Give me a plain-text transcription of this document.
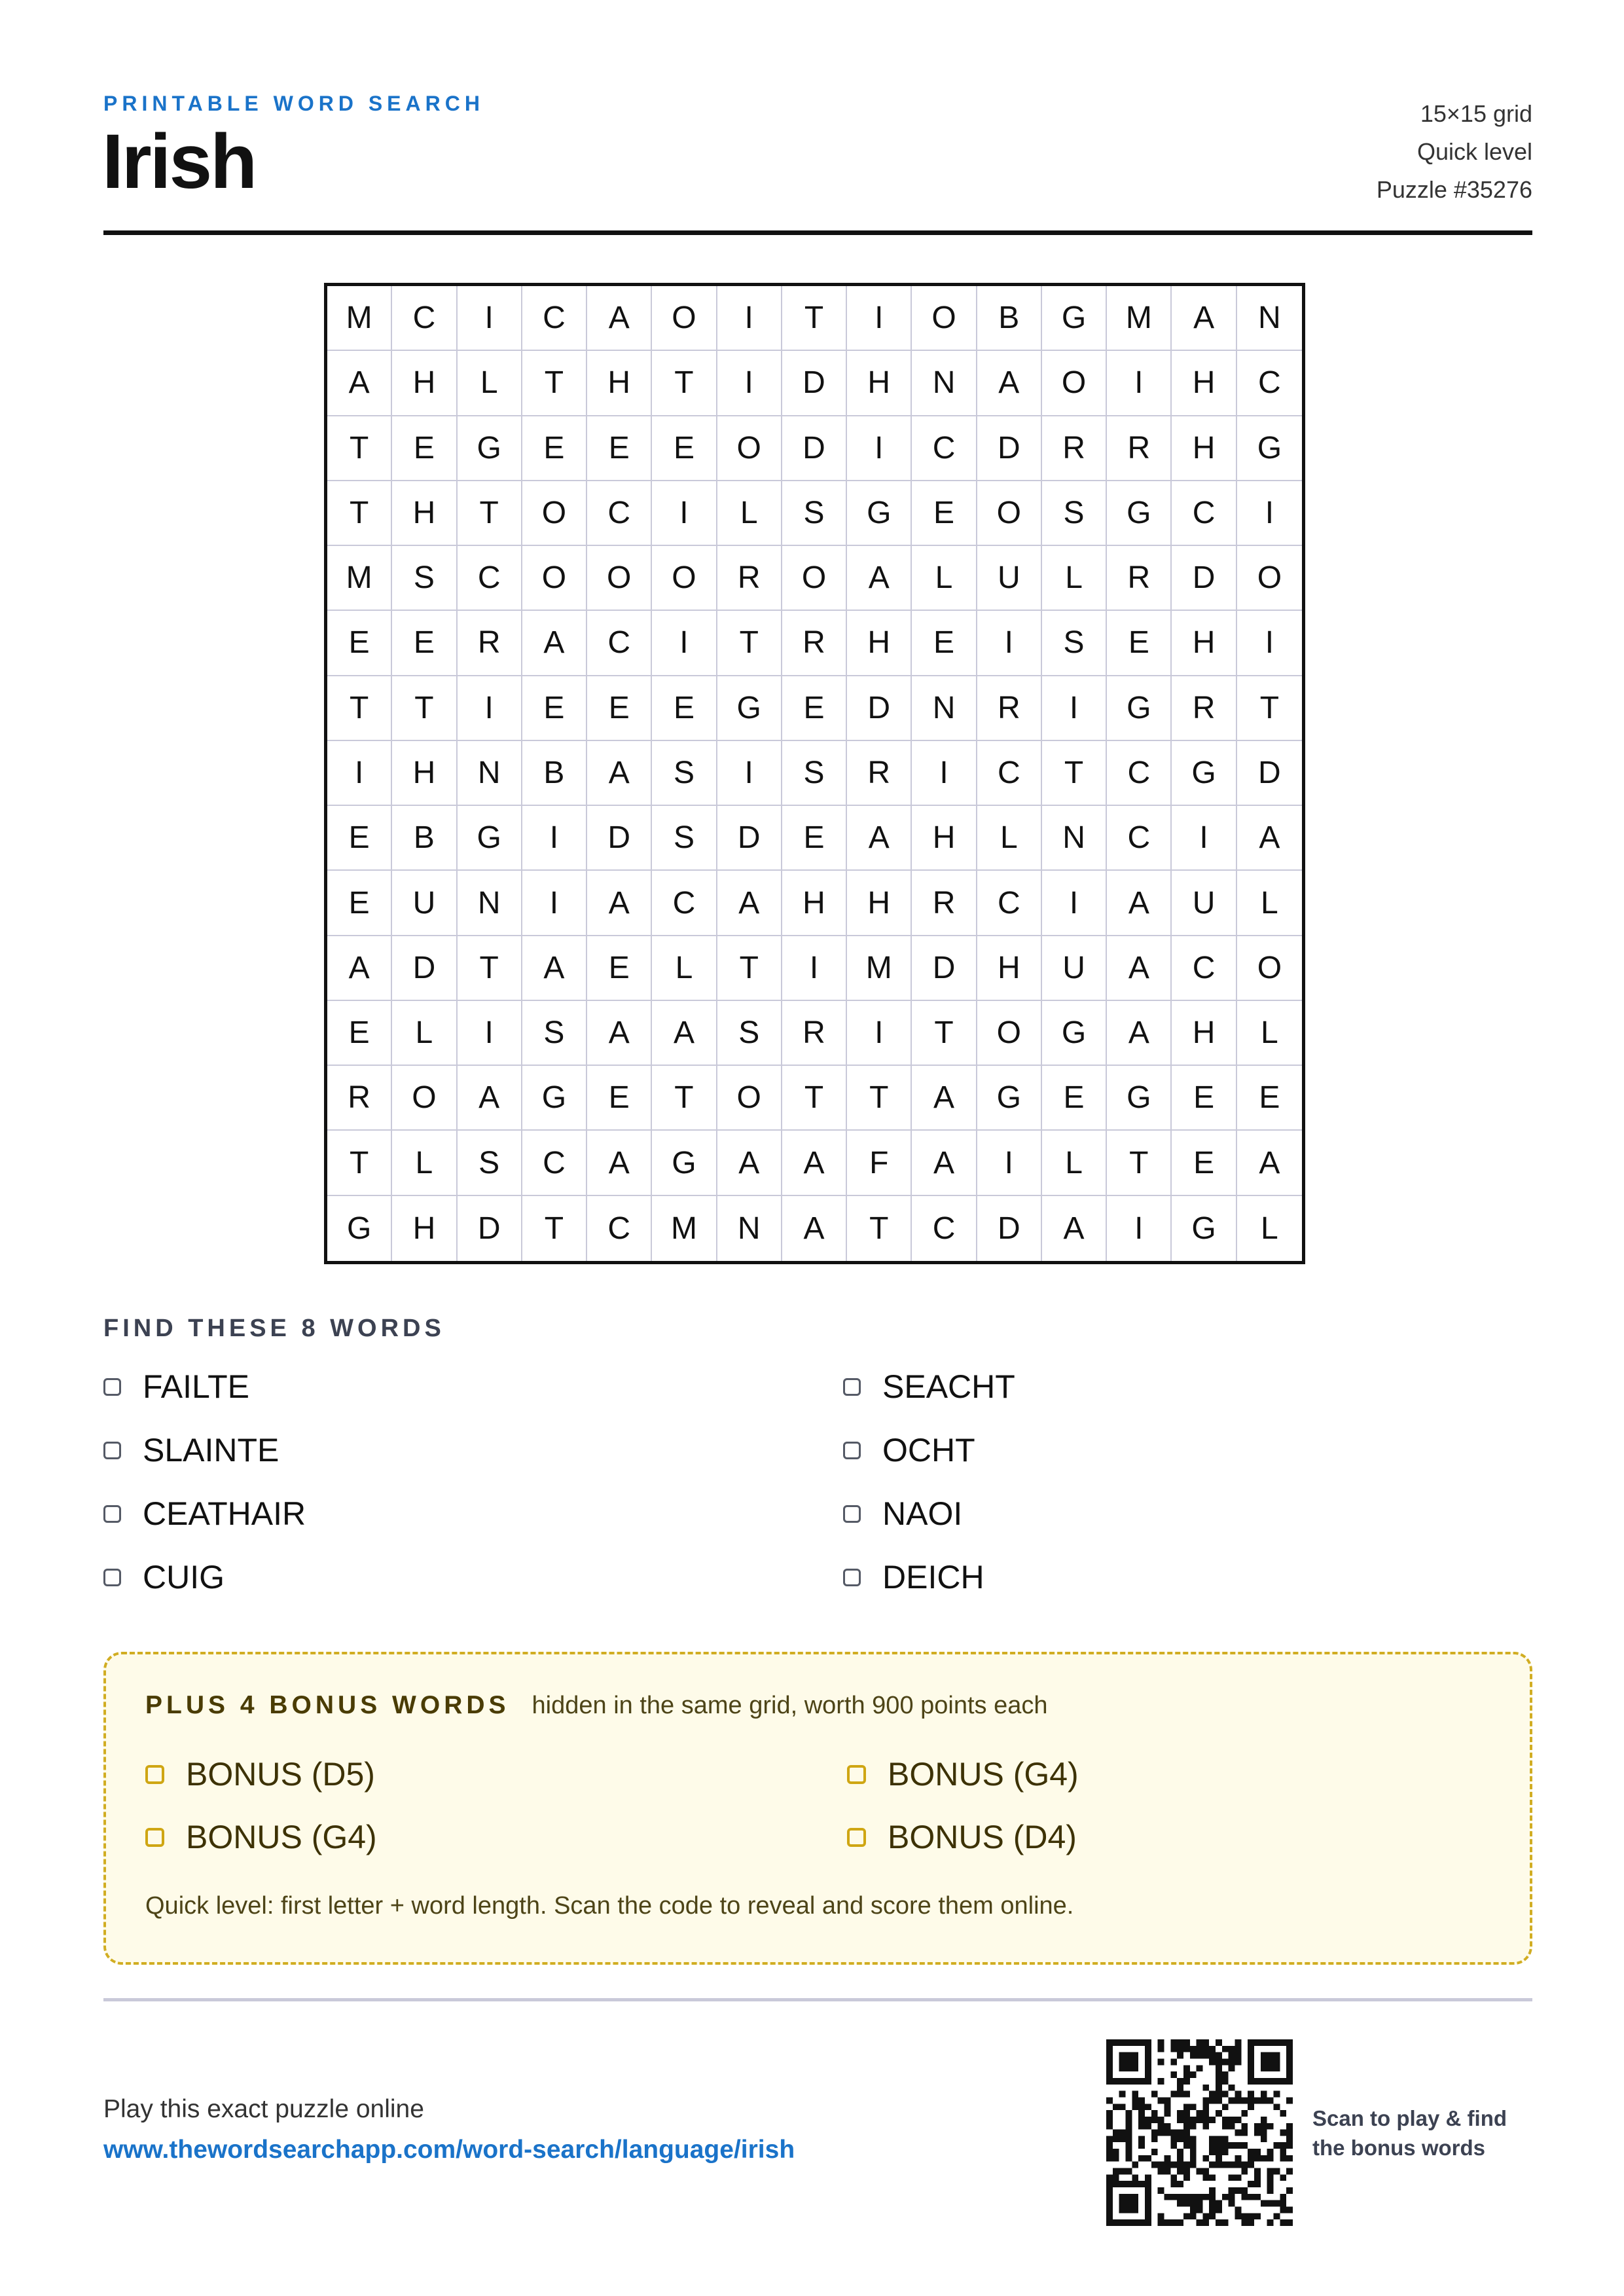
PRINTABLE WORD SEARCH
Irish
15×15 grid
Quick level
Puzzle #35276
M	C	I	C	A	O	I	T	I	O	B	G	M	A	N
A	H	L	T	H	T	I	D	H	N	A	O	I	H	C
T	E	G	E	E	E	O	D	I	C	D	R	R	H	G
T	H	T	O	C	I	L	S	G	E	O	S	G	C	I
M	S	C	O	O	O	R	O	A	L	U	L	R	D	O
E	E	R	A	C	I	T	R	H	E	I	S	E	H	I
T	T	I	E	E	E	G	E	D	N	R	I	G	R	T
I	H	N	B	A	S	I	S	R	I	C	T	C	G	D
E	B	G	I	D	S	D	E	A	H	L	N	C	I	A
E	U	N	I	A	C	A	H	H	R	C	I	A	U	L
A	D	T	A	E	L	T	I	M	D	H	U	A	C	O
E	L	I	S	A	A	S	R	I	T	O	G	A	H	L
R	O	A	G	E	T	O	T	T	A	G	E	G	E	E
T	L	S	C	A	G	A	A	F	A	I	L	T	E	A
G	H	D	T	C	M	N	A	T	C	D	A	I	G	L
FIND THESE 8 WORDS
FAILTE	SEACHT
SLAINTE	OCHT
CEATHAIR	NAOI
CUIG	DEICH
PLUS 4 BONUS WORDS hidden in the same grid, worth 900 points each
BONUS (D5)	BONUS (G4)
BONUS (G4)	BONUS (D4)
Quick level: first letter + word length. Scan the code to reveal and score them online.
Play this exact puzzle online
www.thewordsearchapp.com/word-search/language/irish
Scan to play & find
the bonus words
